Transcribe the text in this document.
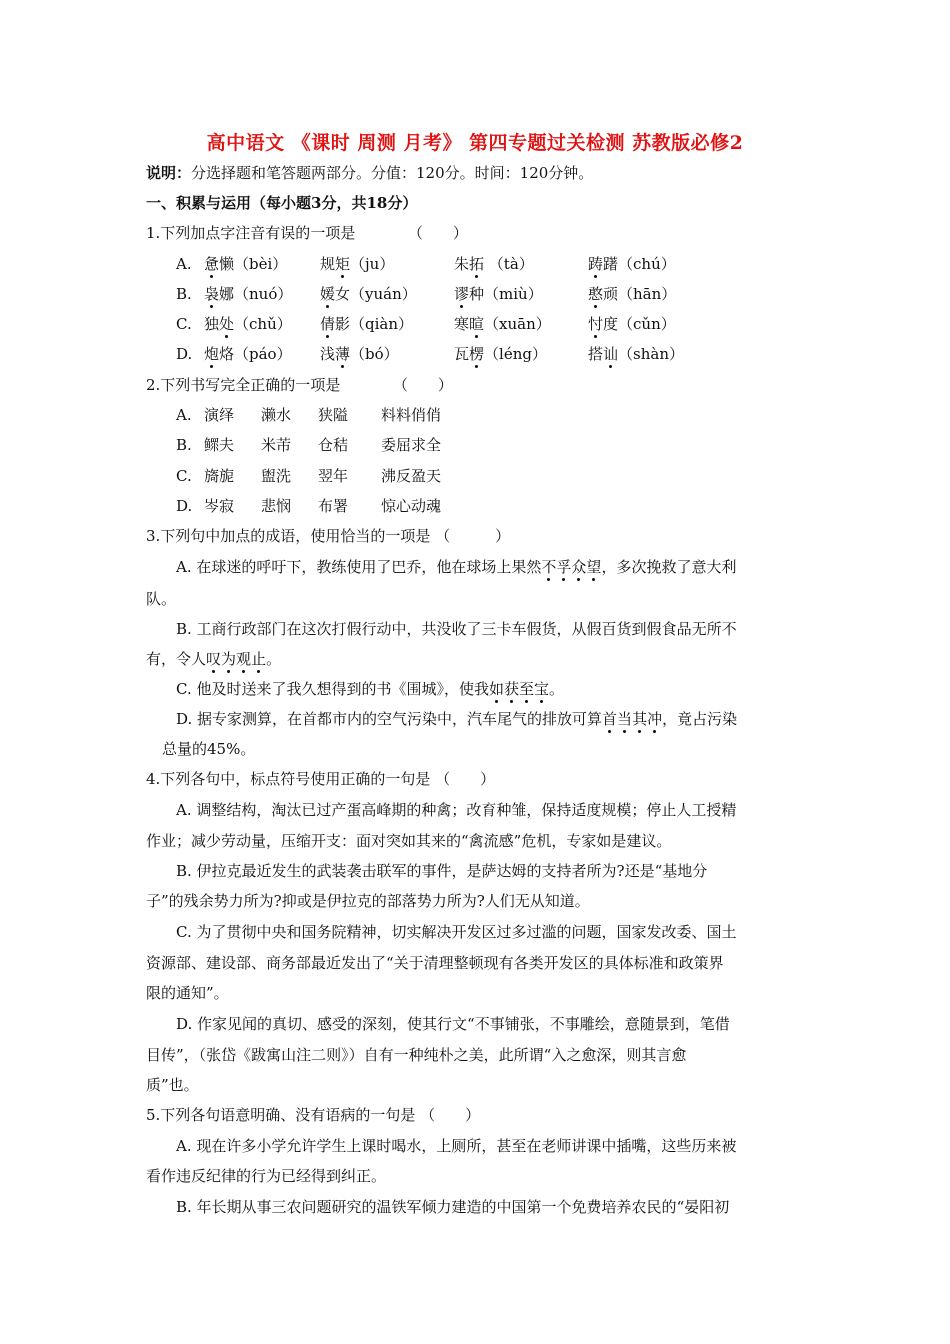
高中语文 《课时 周测 月考》 第四专题过关检测 苏教版必修2
说明：分选择题和笔答题两部分。分值：120分。时间：120分钟。
一、积累与运用（每小题3分，共18分）
1.下列加点字注音有误的一项是　　　　（　　）
A. 惫懒（bèi）	规矩（ju）	朱拓 （tà）	踌躇（chú）
B. 袅娜（nuó）	媛女（yuán）	谬种（miù）	憨顽（hān）
C. 独处（chǔ）	倩影（qiàn）	寒暄（xuān）	忖度（cǔn）
D. 炮烙（páo）	浅薄（bó）	瓦楞（léng）	搭讪（shàn）
2.下列书写完全正确的一项是　　　　（　　）
A. 演绎	濑水	狭隘	料料俏俏
B. 鳏夫	米芾	仓秸	委屈求全
C. 旖旎	盥洗	翌年	沸反盈天
D. 岑寂	悲悯	布署	惊心动魂
3.下列句中加点的成语，使用恰当的一项是 （　　　）
A. 在球迷的呼吁下，教练使用了巴乔，他在球场上果然不孚众望，多次挽救了意大利
队。
B. 工商行政部门在这次打假行动中，共没收了三卡车假货，从假百货到假食品无所不
有，令人叹为观止。
C. 他及时送来了我久想得到的书《围城》，使我如获至宝。
D. 据专家测算，在首都市内的空气污染中，汽车尾气的排放可算首当其冲，竟占污染
总量的45%。
4.下列各句中，标点符号使用正确的一句是 （　　）
A. 调整结构，淘汰已过产蛋高峰期的种禽；改育种雏，保持适度规模；停止人工授精
作业；减少劳动量，压缩开支：面对突如其来的“禽流感”危机，专家如是建议。
B. 伊拉克最近发生的武装袭击联军的事件，是萨达姆的支持者所为?还是“基地分
子”的残余势力所为?抑或是伊拉克的部落势力所为?人们无从知道。
C. 为了贯彻中央和国务院精神，切实解决开发区过多过滥的问题，国家发改委、国土
资源部、建设部、商务部最近发出了“关于清理整顿现有各类开发区的具体标准和政策界
限的通知”。
D. 作家见闻的真切、感受的深刻，使其行文“不事铺张，不事雕绘，意随景到，笔借
目传”，（张岱《跋寓山注二则》）自有一种纯朴之美，此所谓“入之愈深，则其言愈
质”也。
5.下列各句语意明确、没有语病的一句是 （　　）
A. 现在许多小学允许学生上课时喝水，上厕所，甚至在老师讲课中插嘴，这些历来被
看作违反纪律的行为已经得到纠正。
B. 年长期从事三农问题研究的温铁军倾力建造的中国第一个免费培养农民的“晏阳初
